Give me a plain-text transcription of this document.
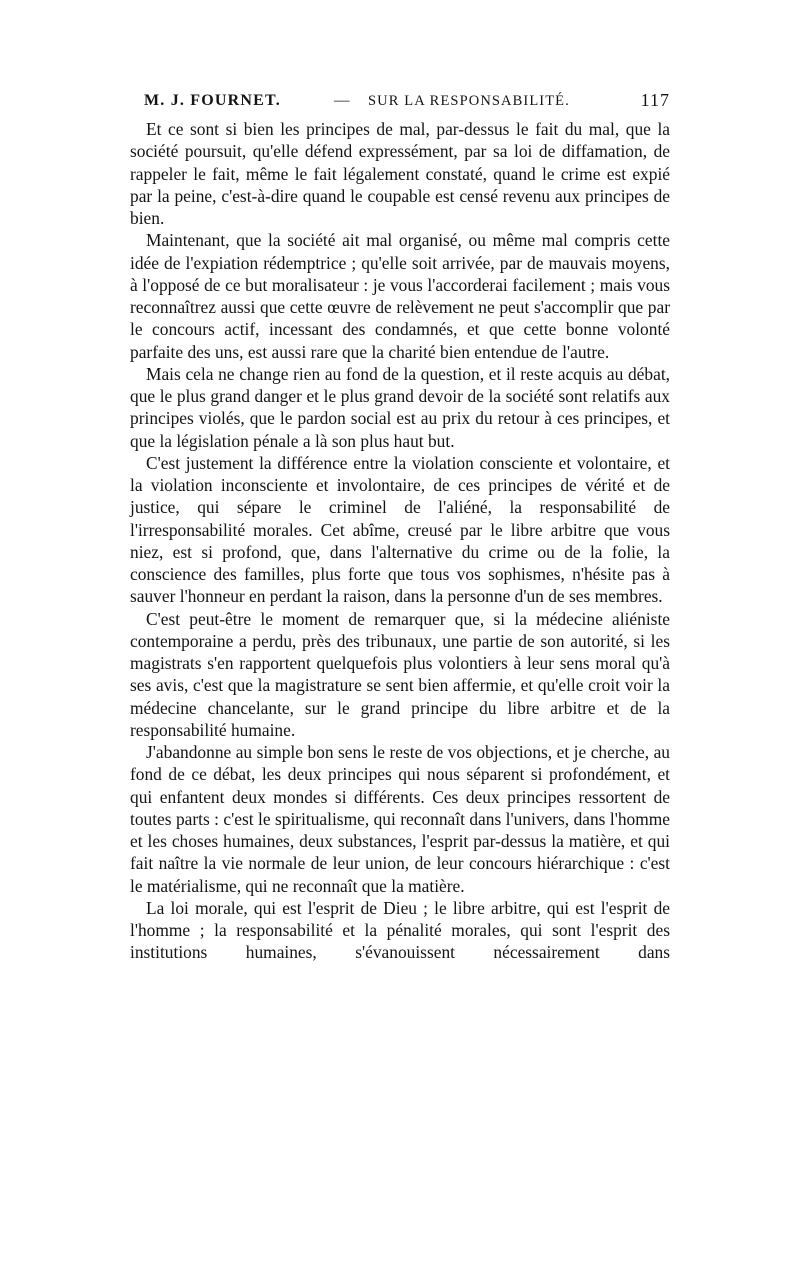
M. J. FOURNET.	— SUR LA RESPONSABILITÉ.	117

Et ce sont si bien les principes de mal, par-dessus le fait du mal, que la société poursuit, qu'elle défend expressément, par sa loi de diffamation, de rappeler le fait, même le fait légalement constaté, quand le crime est expié par la peine, c'est-à-dire quand le coupable est censé revenu aux principes de bien.

Maintenant, que la société ait mal organisé, ou même mal compris cette idée de l'expiation rédemptrice ; qu'elle soit arrivée, par de mauvais moyens, à l'opposé de ce but moralisateur : je vous l'accorderai facilement ; mais vous reconnaîtrez aussi que cette œuvre de relèvement ne peut s'accomplir que par le concours actif, incessant des condamnés, et que cette bonne volonté parfaite des uns, est aussi rare que la charité bien entendue de l'autre.

Mais cela ne change rien au fond de la question, et il reste acquis au débat, que le plus grand danger et le plus grand devoir de la société sont relatifs aux principes violés, que le pardon social est au prix du retour à ces principes, et que la législation pénale a là son plus haut but.

C'est justement la différence entre la violation consciente et volontaire, et la violation inconsciente et involontaire, de ces principes de vérité et de justice, qui sépare le criminel de l'aliéné, la responsabilité de l'irresponsabilité morales. Cet abîme, creusé par le libre arbitre que vous niez, est si profond, que, dans l'alternative du crime ou de la folie, la conscience des familles, plus forte que tous vos sophismes, n'hésite pas à sauver l'honneur en perdant la raison, dans la personne d'un de ses membres.

C'est peut-être le moment de remarquer que, si la médecine aliéniste contemporaine a perdu, près des tribunaux, une partie de son autorité, si les magistrats s'en rapportent quelquefois plus volontiers à leur sens moral qu'à ses avis, c'est que la magistrature se sent bien affermie, et qu'elle croit voir la médecine chancelante, sur le grand principe du libre arbitre et de la responsabilité humaine.

J'abandonne au simple bon sens le reste de vos objections, et je cherche, au fond de ce débat, les deux principes qui nous séparent si profondément, et qui enfantent deux mondes si différents. Ces deux principes ressortent de toutes parts : c'est le spiritualisme, qui reconnaît dans l'univers, dans l'homme et les choses humaines, deux substances, l'esprit par-dessus la matière, et qui fait naître la vie normale de leur union, de leur concours hiérarchique : c'est le matérialisme, qui ne reconnaît que la matière.

La loi morale, qui est l'esprit de Dieu ; le libre arbitre, qui est l'esprit de l'homme ; la responsabilité et la pénalité morales, qui sont l'esprit des institutions humaines, s'évanouissent nécessairement dans
